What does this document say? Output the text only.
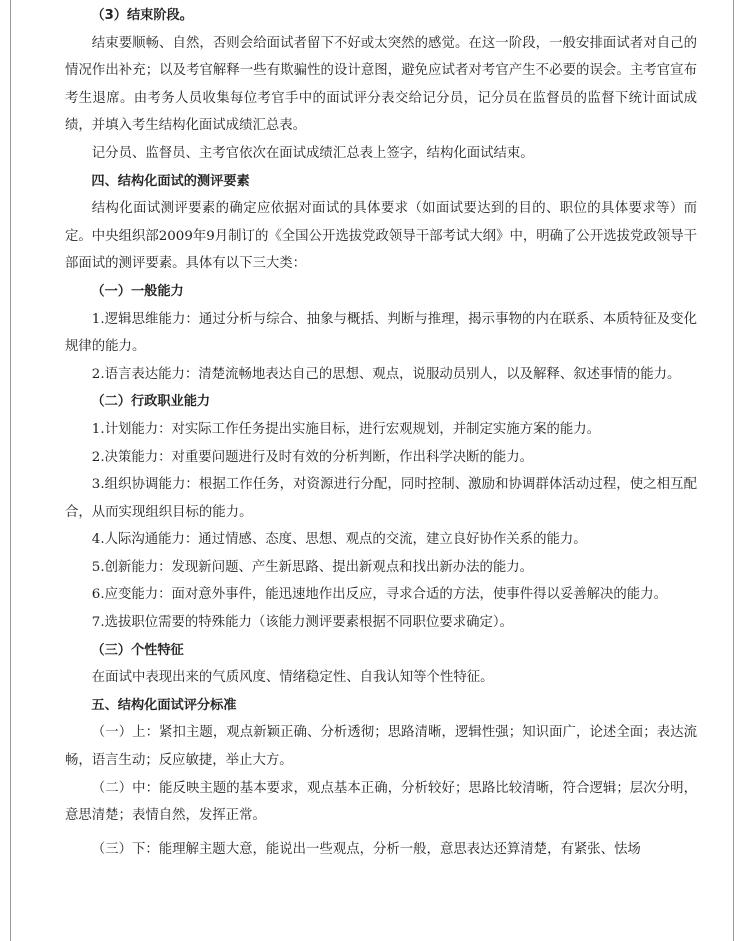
（3）结束阶段。

结束要顺畅、自然，否则会给面试者留下不好或太突然的感觉。在这一阶段，一般安排面试者对自己的情况作出补充；以及考官解释一些有欺骗性的设计意图，避免应试者对考官产生不必要的误会。主考官宣布考生退席。由考务人员收集每位考官手中的面试评分表交给记分员，记分员在监督员的监督下统计面试成绩，并填入考生结构化面试成绩汇总表。

记分员、监督员、主考官依次在面试成绩汇总表上签字，结构化面试结束。

四、结构化面试的测评要素

结构化面试测评要素的确定应依据对面试的具体要求（如面试要达到的目的、职位的具体要求等）而定。中央组织部2009年9月制订的《全国公开选拔党政领导干部考试大纲》中，明确了公开选拔党政领导干部面试的测评要素。具体有以下三大类：

（一）一般能力

1.逻辑思维能力：通过分析与综合、抽象与概括、判断与推理，揭示事物的内在联系、本质特征及变化规律的能力。

2.语言表达能力：清楚流畅地表达自己的思想、观点，说服动员别人，以及解释、叙述事情的能力。

（二）行政职业能力

1.计划能力：对实际工作任务提出实施目标，进行宏观规划，并制定实施方案的能力。

2.决策能力：对重要问题进行及时有效的分析判断，作出科学决断的能力。

3.组织协调能力：根据工作任务，对资源进行分配，同时控制、激励和协调群体活动过程，使之相互配合，从而实现组织目标的能力。

4.人际沟通能力：通过情感、态度、思想、观点的交流，建立良好协作关系的能力。

5.创新能力：发现新问题、产生新思路、提出新观点和找出新办法的能力。

6.应变能力：面对意外事件，能迅速地作出反应，寻求合适的方法，使事件得以妥善解决的能力。

7.选拔职位需要的特殊能力（该能力测评要素根据不同职位要求确定）。

（三）个性特征

在面试中表现出来的气质风度、情绪稳定性、自我认知等个性特征。

五、结构化面试评分标准

（一）上：紧扣主题，观点新颖正确、分析透彻；思路清晰，逻辑性强；知识面广，论述全面；表达流畅，语言生动；反应敏捷，举止大方。

（二）中：能反映主题的基本要求，观点基本正确，分析较好；思路比较清晰，符合逻辑；层次分明，意思清楚；表情自然，发挥正常。

（三）下：能理解主题大意，能说出一些观点，分析一般，意思表达还算清楚，有紧张、怯场
